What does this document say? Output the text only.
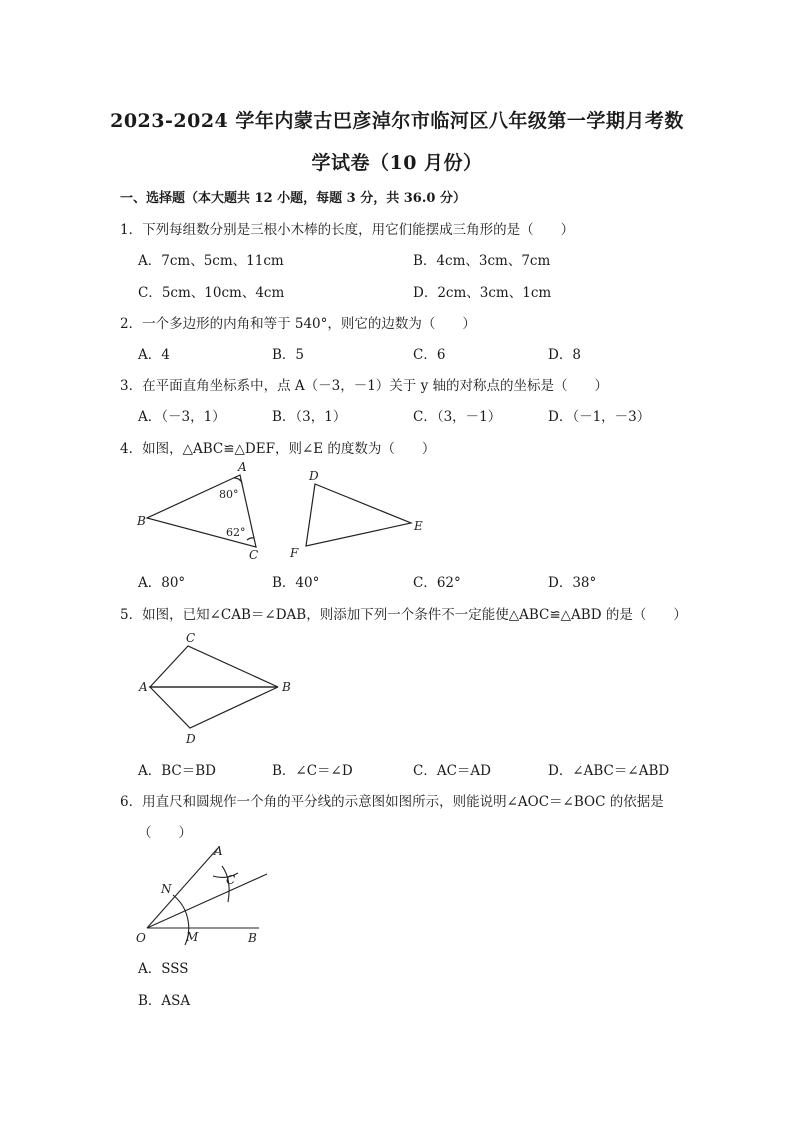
2023-2024 学年内蒙古巴彦淖尔市临河区八年级第一学期月考数
学试卷（10 月份）
一、选择题（本大题共 12 小题，每题 3 分，共 36.0 分）
1．下列每组数分别是三根小木棒的长度，用它们能摆成三角形的是（　　）
A．7cm、5cm、11cm	B．4cm、3cm、7cm
C．5cm、10cm、4cm	D．2cm、3cm、1cm
2．一个多边形的内角和等于 540°，则它的边数为（　　）
A．4	B．5	C．6	D．8
3．在平面直角坐标系中，点 A（－3，－1）关于 y 轴的对称点的坐标是（　　）
A．（－3，1）	B．（3，1）	C．（3，－1）	D．（－1，－3）
4．如图，△ABC≌△DEF，则∠E 的度数为（　　）
A
B
C
D
E
F
80°
62°
A．80°	B．40°	C．62°	D．38°
5．如图，已知∠CAB＝∠DAB，则添加下列一个条件不一定能使△ABC≌△ABD 的是（　　）
C
A	B
D
A．BC＝BD	B．∠C＝∠D	C．AC＝AD	D．∠ABC＝∠ABD
6．用直尺和圆规作一个角的平分线的示意图如图所示，则能说明∠AOC＝∠BOC 的依据是
（　　）
A
N
C
O	M	B
A．SSS
B．ASA
